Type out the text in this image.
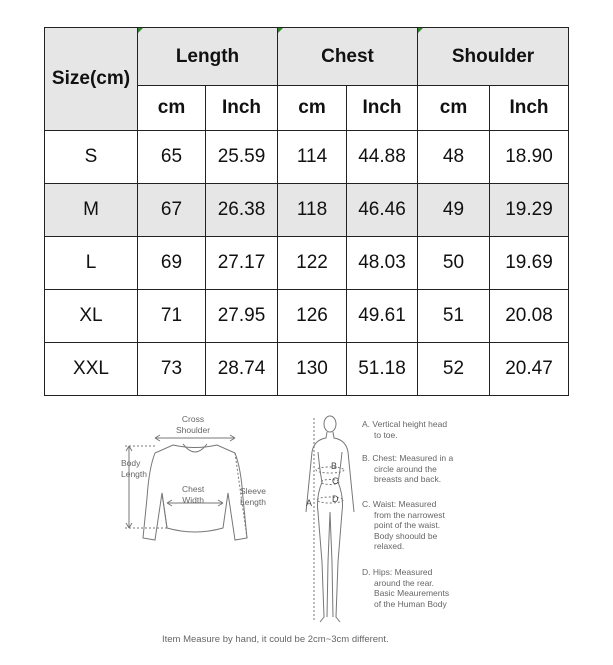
Size(cm)	Length		Chest		Shoulder	
	cm	Inch	cm	Inch	cm	Inch
S	65	25.59	114	44.88	48	18.90
M	67	26.38	118	46.46	49	19.29
L	69	27.17	122	48.03	50	19.69
XL	71	27.95	126	49.61	51	20.08
XXL	73	28.74	130	51.18	52	20.47
Cross
Shoulder
Body
Length
Chest
Width
Sleeve
Length	A
B
C
D
A. Vertical height head
to toe.
B. Chest: Measured in a
circle around the
breasts and back.
C. Waist: Measured
from the narrowest
point of the waist.
Body shoould be
relaxed.
D. Hips: Measured
around the rear.
Basic Meaurements
of the Human Body
Item Measure by hand, it could be 2cm~3cm different.
